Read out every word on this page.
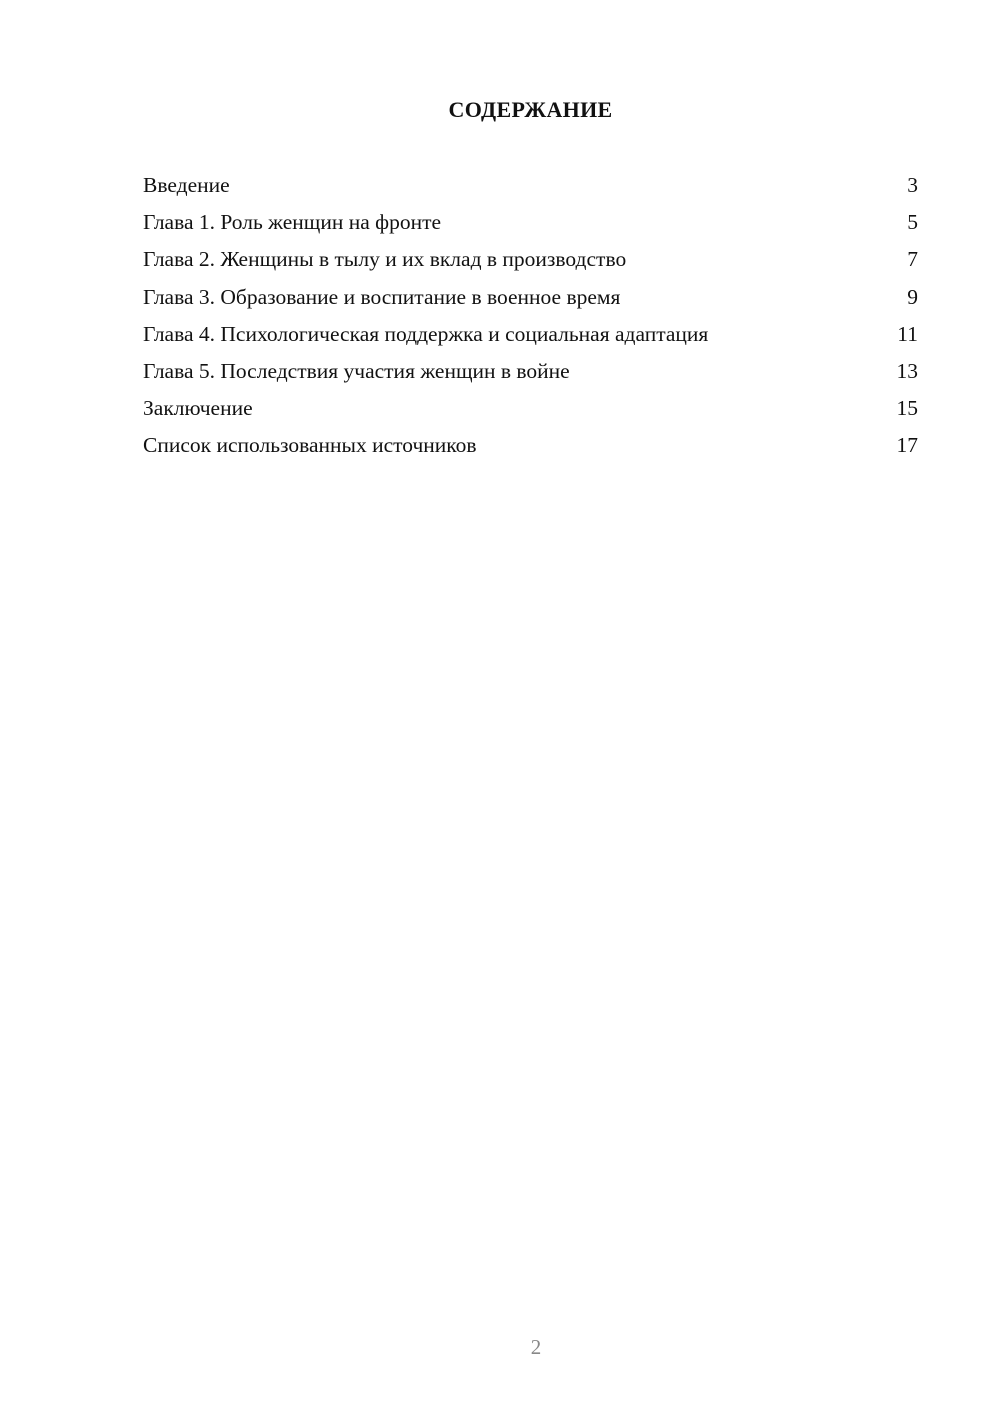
СОДЕРЖАНИЕ
Введение	3
Глава 1. Роль женщин на фронте	5
Глава 2. Женщины в тылу и их вклад в производство	7
Глава 3. Образование и воспитание в военное время	9
Глава 4. Психологическая поддержка и социальная адаптация	11
Глава 5. Последствия участия женщин в войне	13
Заключение	15
Список использованных источников	17
2
